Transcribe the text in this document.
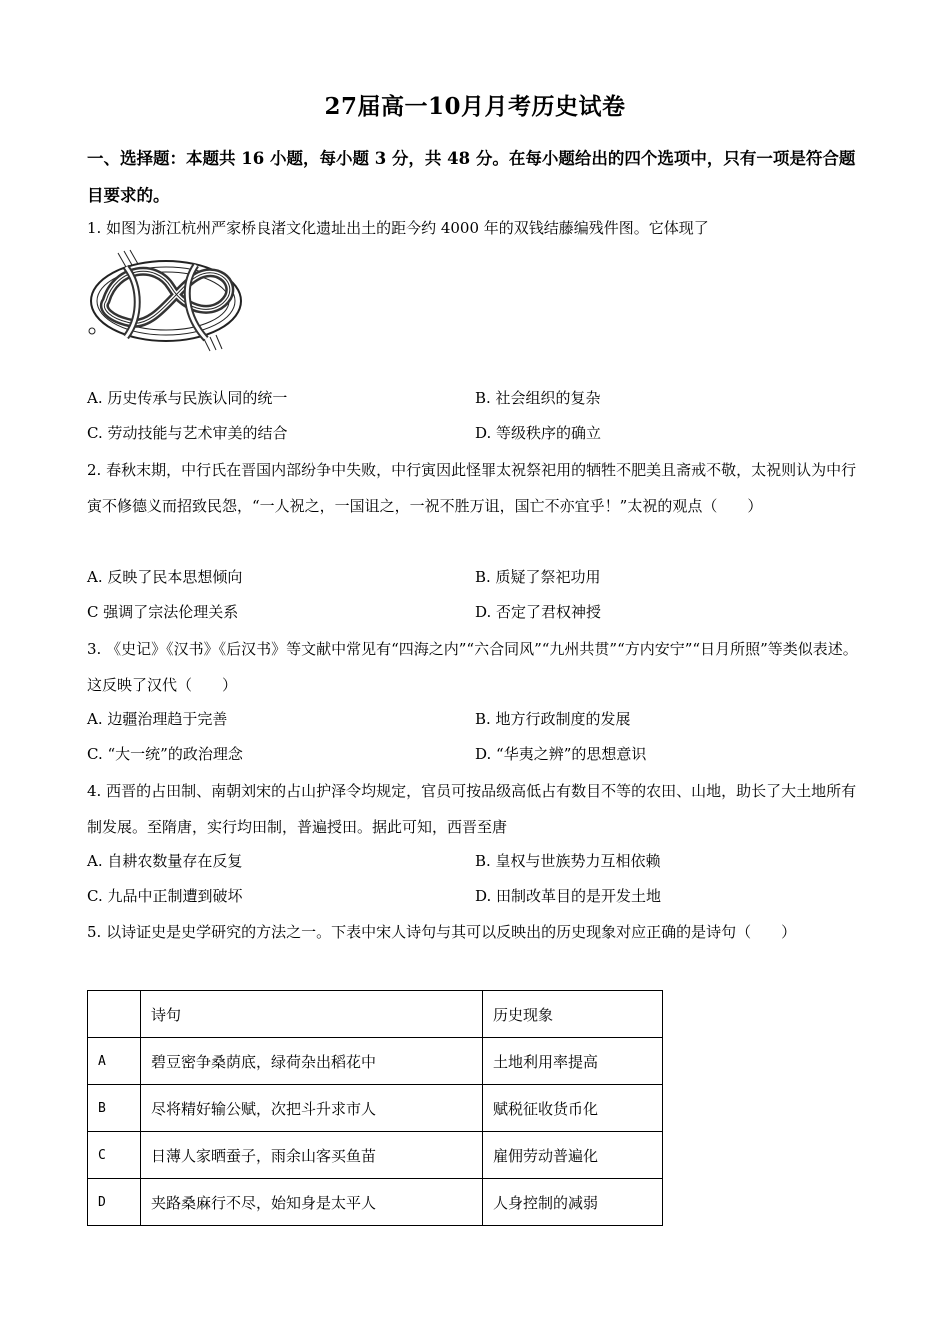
27届高一10月月考历史试卷
一、选择题：本题共 16 小题，每小题 3 分，共 48 分。在每小题给出的四个选项中，只有一项是符合题目要求的。
1. 如图为浙江杭州严家桥良渚文化遗址出土的距今约 4000 年的双钱结藤编残件图。它体现了
A. 历史传承与民族认同的统一	B. 社会组织的复杂
C. 劳动技能与艺术审美的结合	D. 等级秩序的确立
2. 春秋末期，中行氏在晋国内部纷争中失败，中行寅因此怪罪太祝祭祀用的牺牲不肥美且斋戒不敬，太祝则认为中行寅不修德义而招致民怨，“一人祝之，一国诅之，一祝不胜万诅，国亡不亦宜乎！”太祝的观点（　　）
A. 反映了民本思想倾向	B. 质疑了祭祀功用
C 强调了宗法伦理关系	D. 否定了君权神授
3. 《史记》《汉书》《后汉书》等文献中常见有“四海之内”“六合同风”“九州共贯”“方内安宁”“日月所照”等类似表述。这反映了汉代（　　）
A. 边疆治理趋于完善	B. 地方行政制度的发展
C. “大一统”的政治理念	D. “华夷之辨”的思想意识
4. 西晋的占田制、南朝刘宋的占山护泽令均规定，官员可按品级高低占有数目不等的农田、山地，助长了大土地所有制发展。至隋唐，实行均田制，普遍授田。据此可知，西晋至唐
A. 自耕农数量存在反复	B. 皇权与世族势力互相依赖
C. 九品中正制遭到破坏	D. 田制改革目的是开发土地
5. 以诗证史是史学研究的方法之一。下表中宋人诗句与其可以反映出的历史现象对应正确的是诗句（　　）
	诗句	历史现象
A	碧豆密争桑荫底，绿荷杂出稻花中	土地利用率提高
B	尽将精好输公赋，次把斗升求市人	赋税征收货币化
C	日薄人家晒蚕子，雨余山客买鱼苗	雇佣劳动普遍化
D	夹路桑麻行不尽，始知身是太平人	人身控制的减弱
